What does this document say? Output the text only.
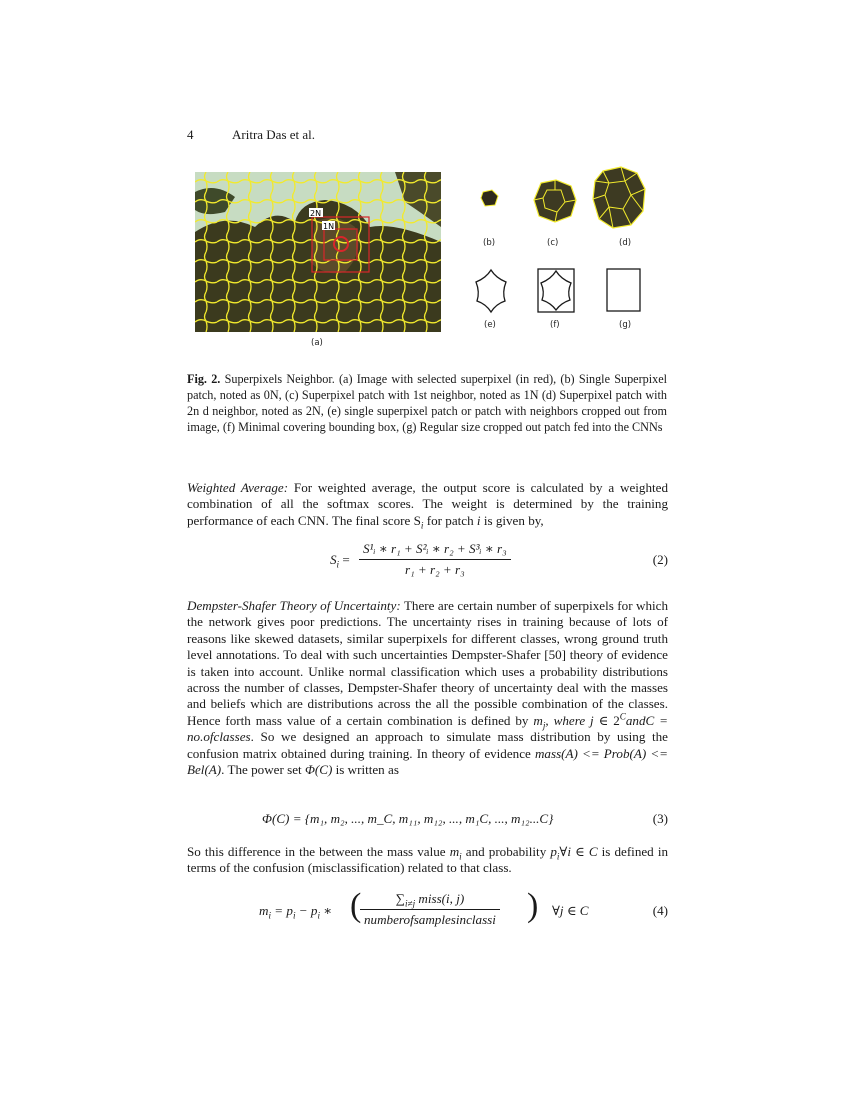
4	Aritra Das et al.
2N
1N
(a)
(b)	(c)	(d)
(e)	(f)	(g)
Fig. 2. Superpixels Neighbor. (a) Image with selected superpixel (in red), (b) Single Superpixel patch, noted as 0N, (c) Superpixel patch with 1st neighbor, noted as 1N (d) Superpixel patch with 2n d neighbor, noted as 2N, (e) single superpixel patch or patch with neighbors cropped out from image, (f) Minimal covering bounding box, (g) Regular size cropped out patch fed into the CNNs
Weighted Average: For weighted average, the output score is calculated by a weighted combination of all the softmax scores. The weight is determined by the training performance of each CNN. The final score $S_i$ for patch i is given by,
$S_i = \frac{\text{S¹ᵢ ∗ r₁ + S²ᵢ ∗ r₂ + S³ᵢ ∗ r₃}}{\text{r₁ + r₂ + r₃}}$	(2)
Dempster-Shafer Theory of Uncertainty: There are certain number of superpixels for which the network gives poor predictions. The uncertainty rises in training because of lots of reasons like skewed datasets, similar superpixels for different classes, wrong ground truth level annotations. To deal with such uncertainties Dempster-Shafer [50] theory of evidence is taken into account. Unlike normal classification which uses a probability distributions across the number of classes, Dempster-Shafer theory of uncertainty deal with the masses and beliefs which are distributions across the all the possible combination of the classes. Hence forth mass value of a certain combination is defined by $m_j$, where j ∈ $2^CandC$ = no.ofclasses. So we designed an approach to simulate mass distribution by using the confusion matrix obtained during training. In theory of evidence mass(A) <= Prob(A) <= Bel(A). The power set Φ(C) is written as
Φ(C) = {m₁, m₂, ..., m_C, m₁₁, m₁₂, ..., m₁C, ..., m₁₂...C}	(3)
So this difference in the between the mass value $m_i$ and probability $p_i\forall i$ ∈ C is defined in terms of the confusion (misclassification) related to that class.
$m_i = p_i - p_i$ ∗ (	$\sum_{i\ne j}$ miss(i, j)
numberofsamplesinclassi ) ∀j ∈ C	(4)
